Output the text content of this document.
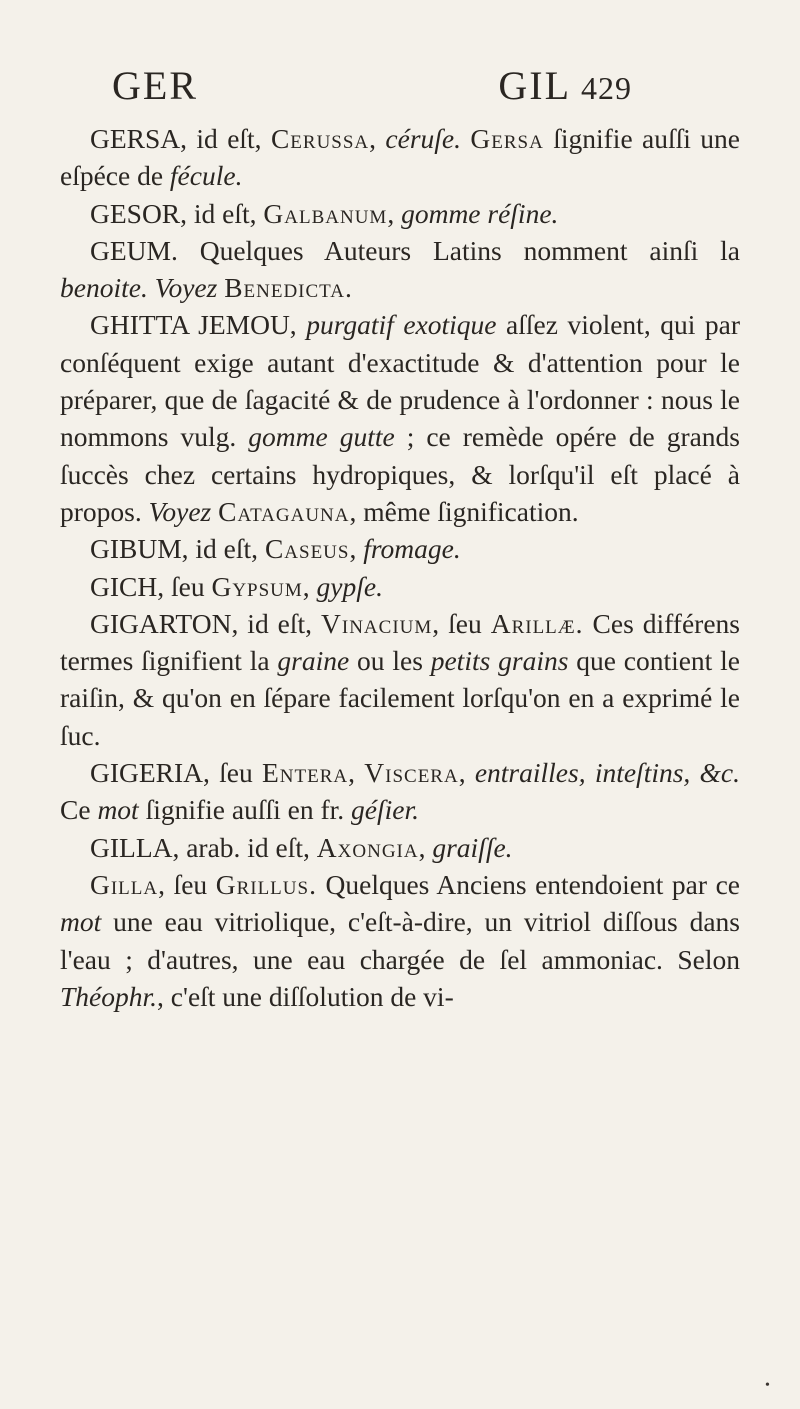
GER	GIL 429

GERSA, id eſt, Cerussa, céruſe. Gersa ſignifie auſſi une eſpéce de fécule.

GESOR, id eſt, Galbanum, gomme réſine.

GEUM. Quelques Auteurs Latins nomment ainſi la benoite. Voyez Benedicta.

GHITTA JEMOU, purgatif exotique aſſez violent, qui par conſéquent exige autant d'exactitude & d'attention pour le préparer, que de ſagacité & de prudence à l'ordonner : nous le nommons vulg. gomme gutte ; ce remède opére de grands ſuccès chez certains hydropiques, & lorſqu'il eſt placé à propos. Voyez Catagauna, même ſignification.

GIBUM, id eſt, Caseus, fromage.

GICH, ſeu Gypsum, gypſe.

GIGARTON, id eſt, Vinacium, ſeu Arillæ. Ces différens termes ſignifient la graine ou les petits grains que contient le raiſin, & qu'on en ſépare facilement lorſqu'on en a exprimé le ſuc.

GIGERIA, ſeu Entera, Viscera, entrailles, inteſtins, &c. Ce mot ſignifie auſſi en fr. géſier.

GILLA, arab. id eſt, Axongia, graiſſe.

Gilla, ſeu Grillus. Quelques Anciens entendoient par ce mot une eau vitriolique, c'eſt-à-dire, un vitriol diſſous dans l'eau ; d'autres, une eau chargée de ſel ammoniac. Selon Théophr., c'eſt une diſſolution de vi-

•
